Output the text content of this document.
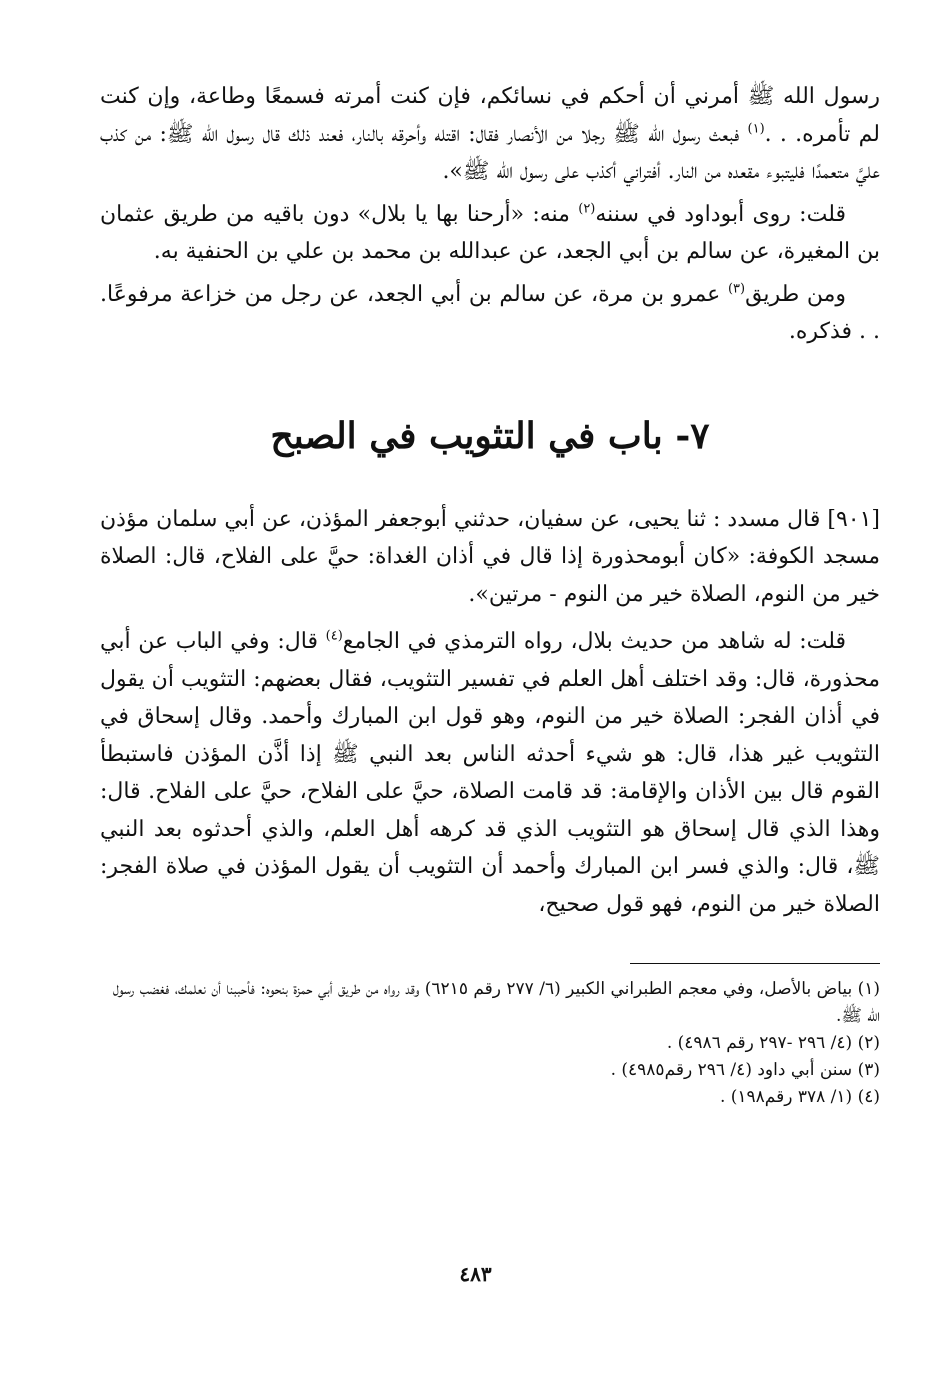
رسول الله ﷺ أمرني أن أحكم في نسائكم، فإن كنت أمرته فسمعًا وطاعة، وإن كنت لم تأمره. . .$^{(١)}$ فبعث رسول الله ﷺ رجلا من الأنصار فقال: اقتله وأحرقه بالنار، فعند ذلك قال رسول الله ﷺ: من كذب عليَّ متعمدًا فليتبوء مقعده من النار. أفتراني أكذب على رسول الله ﷺ».

قلت: روى أبوداود في سننه$^{(٢)}$ منه: «أرحنا بها يا بلال» دون باقيه من طريق عثمان بن المغيرة، عن سالم بن أبي الجعد، عن عبدالله بن محمد بن علي بن الحنفية به.

ومن طريق$^{(٣)}$ عمرو بن مرة، عن سالم بن أبي الجعد، عن رجل من خزاعة مرفوعًا. . . فذكره.

٧- باب في التثويب في الصبح

[٩٠١] قال مسدد : ثنا يحيى، عن سفيان، حدثني أبوجعفر المؤذن، عن أبي سلمان مؤذن مسجد الكوفة: «كان أبومحذورة إذا قال في أذان الغداة: حيَّ على الفلاح، قال: الصلاة خير من النوم، الصلاة خير من النوم - مرتين».

قلت: له شاهد من حديث بلال، رواه الترمذي في الجامع$^{(٤)}$ قال: وفي الباب عن أبي محذورة، قال: وقد اختلف أهل العلم في تفسير التثويب، فقال بعضهم: التثويب أن يقول في أذان الفجر: الصلاة خير من النوم، وهو قول ابن المبارك وأحمد. وقال إسحاق في التثويب غير هذا، قال: هو شيء أحدثه الناس بعد النبي ﷺ إذا أذَّن المؤذن فاستبطأ القوم قال بين الأذان والإقامة: قد قامت الصلاة، حيَّ على الفلاح، حيَّ على الفلاح. قال: وهذا الذي قال إسحاق هو التثويب الذي قد كرهه أهل العلم، والذي أحدثوه بعد النبي ﷺ، قال: والذي فسر ابن المبارك وأحمد أن التثويب أن يقول المؤذن في صلاة الفجر: الصلاة خير من النوم، فهو قول صحيح،

(١) بياض بالأصل، وفي معجم الطبراني الكبير (٦/ ٢٧٧ رقم ٦٢١٥) وقد رواه من طريق أبي حمزة بنحوه: فأحببنا أن نعلمك، فغضب رسول الله ﷺ.

(٢) (٤/ ٢٩٦ -٢٩٧ رقم ٤٩٨٦) .

(٣) سنن أبي داود (٤/ ٢٩٦ رقم٤٩٨٥) .

(٤) (١/ ٣٧٨ رقم١٩٨) .

٤٨٣
